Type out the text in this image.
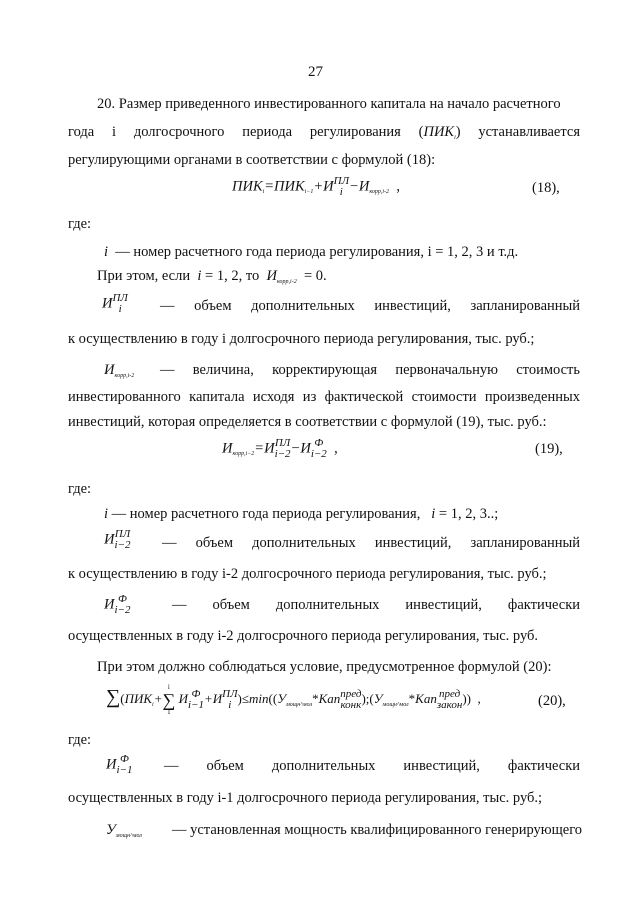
27
20. Размер приведенного инвестированного капитала на начало расчетного
года i долгосрочного периода регулирования $(ПИК_i)$ устанавливается
регулирующими органами в соответствии с формулой (18):
$ПИК_i=ПИК_{i-1}+И$ ПЛ
$i -И_{корр,i-2}$ ,	(18),
где:
i — номер расчетного года периода регулирования, i = 1, 2, 3 и т.д.
При этом, если i = 1, 2, то $И_{корр,i-2} = 0$.
И ПЛ
i	— объем дополнительных инвестиций, запланированный
к осуществлению в году i долгосрочного периода регулирования, тыс. руб.;
$И_{корр,i-2}$ — величина, корректирующая первоначальную стоимость
инвестированного капитала исходя из фактической стоимости произведенных
инвестиций, которая определяется в соответствии с формулой (19), тыс. руб.:
$И_{корр,i-2}=И$ ПЛ
i−2 −И Ф
i−2 ,	(19),
где:
i — номер расчетного года периода регулирования, i = 1, 2, 3..;
И ПЛ
i−2 — объем дополнительных инвестиций, запланированный
к осуществлению в году i-2 долгосрочного периода регулирования, тыс. руб.;
И Ф
i−2	— объем дополнительных инвестиций, фактически
осуществленных в году i-2 долгосрочного периода регулирования, тыс. руб.
При этом должно соблюдаться условие, предусмотренное формулой (20):
$\sum(ПИК_i+$
i
∑
1
И Ф
i−1 +И ПЛ
i )$\le\min((У_{мощн\^{}мол}*Kan$ пред
конк )$;(У_{мощн\^{}мол}*Kan$ пред
закон )) ,	(20),
где:
И Ф
i−1 — объем дополнительных инвестиций, фактически
осуществленных в году i-1 долгосрочного периода регулирования, тыс. руб.;
$У_{мощн\^{}мол}$ — установленная мощность квалифицированного генерирующего
